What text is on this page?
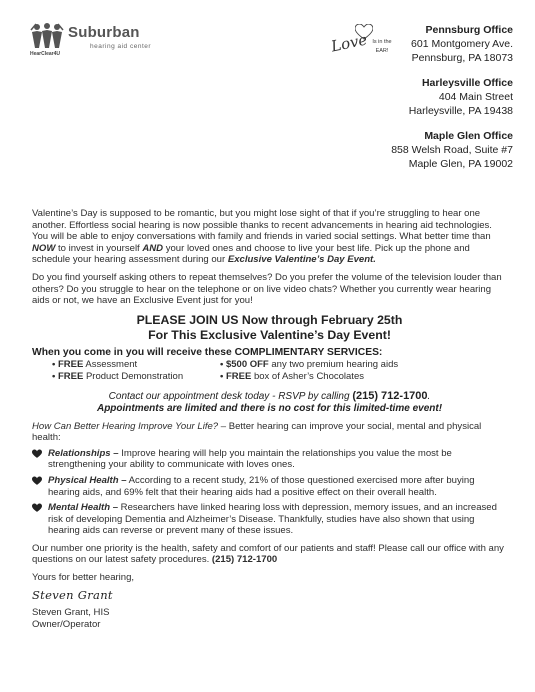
Suburban
hearing aid center
HearClear4U	Love Is in the
EAR!
Pennsburg Office
601 Montgomery Ave.
Pennsburg, PA 18073
Harleysville Office
404 Main Street
Harleysville, PA 19438
Maple Glen Office
858 Welsh Road, Suite #7
Maple Glen, PA 19002

Valentine’s Day is supposed to be romantic, but you might lose sight of that if you’re struggling to hear one another. Effortless social hearing is now possible thanks to recent advancements in hearing aid technologies. You will be able to enjoy conversations with family and friends in varied social settings. What better time than NOW to invest in yourself AND your loved ones and choose to live your best life. Pick up the phone and schedule your hearing assessment during our Exclusive Valentine’s Day Event.

Do you find yourself asking others to repeat themselves? Do you prefer the volume of the television louder than others? Do you struggle to hear on the telephone or on live video chats? Whether you currently wear hearing aids or not, we have an Exclusive Event just for you!

PLEASE JOIN US Now through February 25th
For This Exclusive Valentine’s Day Event!
When you come in you will receive these COMPLIMENTARY SERVICES:
• FREE Assessment	• $500 OFF any two premium hearing aids
• FREE Product Demonstration	• FREE box of Asher’s Chocolates
Contact our appointment desk today - RSVP by calling (215) 712-1700.
Appointments are limited and there is no cost for this limited-time event!

How Can Better Hearing Improve Your Life? – Better hearing can improve your social, mental and physical health:

Relationships – Improve hearing will help you maintain the relationships you value the most be strengthening your ability to communicate with loves ones.
Physical Health – According to a recent study, 21% of those questioned exercised more after buying hearing aids, and 69% felt that their hearing aids had a positive effect on their overall health.
Mental Health – Researchers have linked hearing loss with depression, memory issues, and an increased risk of developing Dementia and Alzheimer’s Disease. Thankfully, studies have also shown that using hearing aids can reverse or prevent many of these issues.

Our number one priority is the health, safety and comfort of our patients and staff! Please call our office with any questions on our latest safety procedures. (215) 712-1700

Yours for better hearing,
Steven Grant
Steven Grant, HIS
Owner/Operator
